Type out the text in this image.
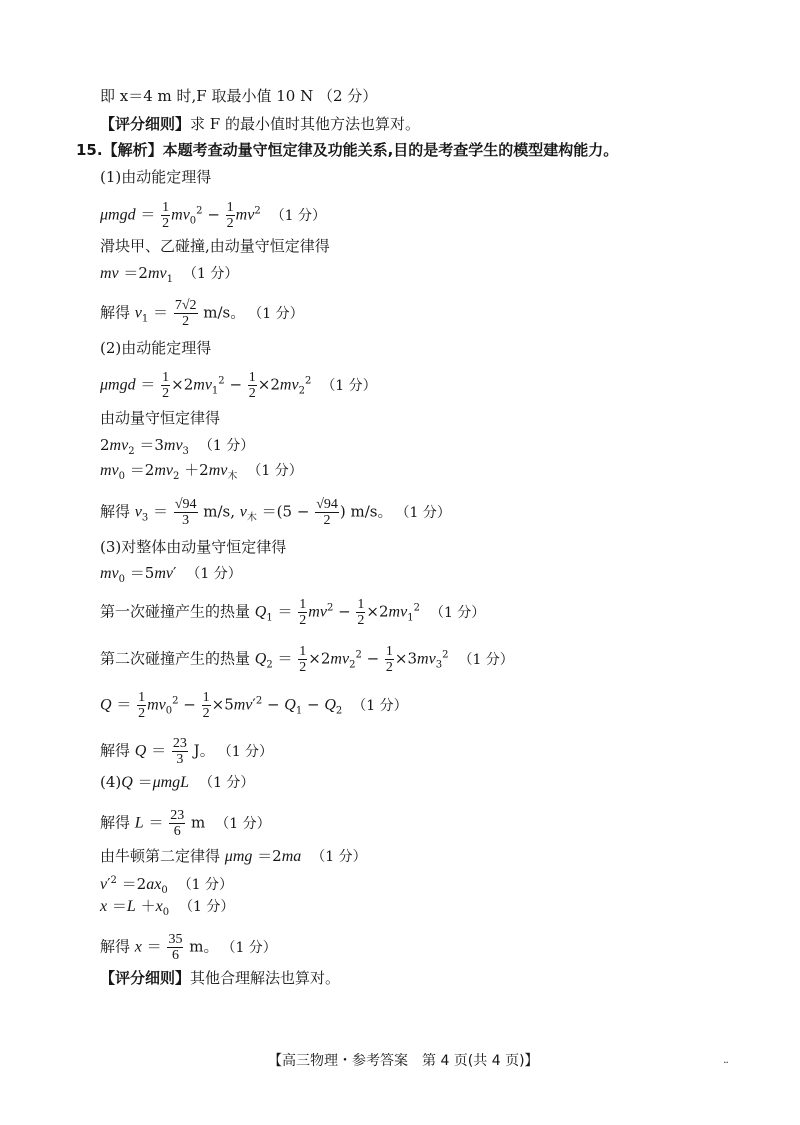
即 x＝4 m 时,F 取最小值 10 N （2 分）
【评分细则】求 F 的最小值时其他方法也算对。
15.【解析】本题考查动量守恒定律及功能关系,目的是考查学生的模型建构能力。
(1)由动能定理得
$\mu mgd = \frac{1}{2} mv_0^2 - \frac{1}{2} mv^2$ （1 分）
滑块甲、乙碰撞,由动量守恒定律得
mv $=2mv_1$ （1 分）
解得 $v_1 = \frac{7√2}{2} m/s$。 （1 分）
(2)由动能定理得
$\mu mgd = \frac{1}{2} \times 2mv_1^2 - \frac{1}{2} \times 2mv_2^2$ （1 分）
由动量守恒定律得
$2mv_2 =3mv_3$ （1 分）
$mv_0 =2mv_2 +2mv_木$ （1 分）
解得 $v_3 = \frac{√94}{3} m/s$, $v_木 =(5 - \frac{√94}{2}$ ) m/s。 （1 分）
(3)对整体由动量守恒定律得
$mv_0 =5mv'$ （1 分）
第一次碰撞产生的热量 $Q_1 = \frac{1}{2} mv^2 - \frac{1}{2} \times 2mv_1^2$ （1 分）
第二次碰撞产生的热量 $Q_2 = \frac{1}{2} \times 2mv_2^2 - \frac{1}{2} \times 3mv_3^2$ （1 分）
$Q = \frac{1}{2} mv_0^2 - \frac{1}{2} \times 5mv'^2 - Q_1 - Q_2$ （1 分）
解得 $Q = \frac{23}{3}$ J。 （1 分）
(4)Q ＝μmgL （1 分）
解得 $L = \frac{23}{6}$ m （1 分）
由牛顿第二定律得 μmg ＝2ma （1 分）
$v'^2 =2ax_0$ （1 分）
$x =L +x_0$ （1 分）
解得 $x = \frac{35}{6}$ m。 （1 分）
【评分细则】其他合理解法也算对。
【高三物理・参考答案　第 4 页(共 4 页)】	¨
